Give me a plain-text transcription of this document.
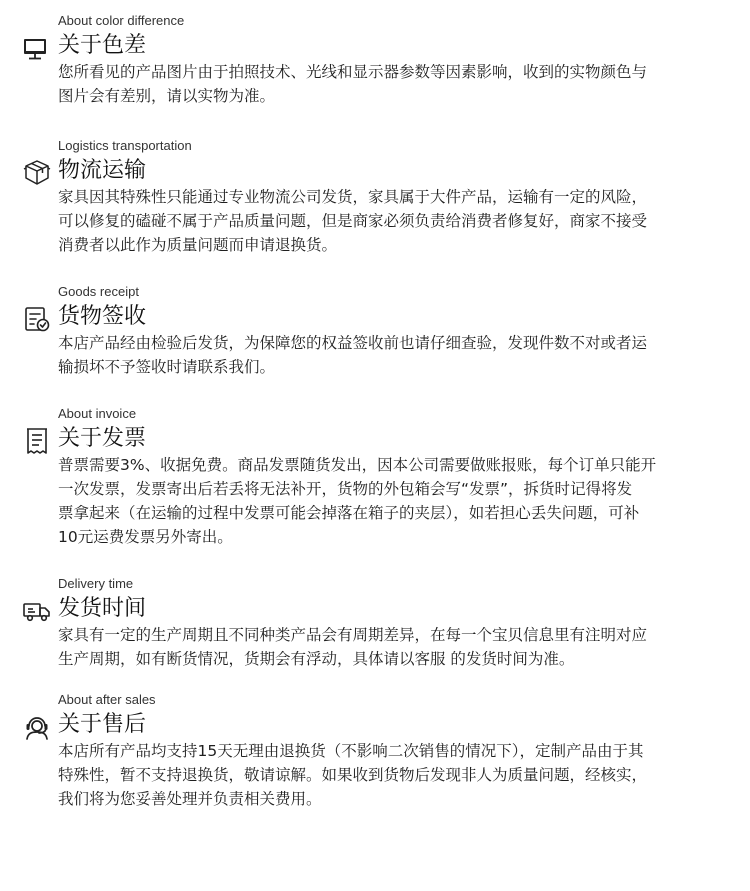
About color difference
关于色差
您所看见的产品图片由于拍照技术、光线和显示器参数等因素影响，收到的实物颜色与
图片会有差别，请以实物为准。
Logistics transportation
物流运输
家具因其特殊性只能通过专业物流公司发货，家具属于大件产品，运输有一定的风险，
可以修复的磕碰不属于产品质量问题，但是商家必须负责给消费者修复好，商家不接受
消费者以此作为质量问题而申请退换货。
Goods receipt
货物签收
本店产品经由检验后发货，为保障您的权益签收前也请仔细查验，发现件数不对或者运
输损坏不予签收时请联系我们。
About invoice
关于发票
普票需要3%、收据免费。商品发票随货发出，因本公司需要做账报账，每个订单只能开
一次发票，发票寄出后若丢将无法补开，货物的外包箱会写“发票”，拆货时记得将发
票拿起来（在运输的过程中发票可能会掉落在箱子的夹层），如若担心丢失问题，可补
10元运费发票另外寄出。
Delivery time
发货时间
家具有一定的生产周期且不同种类产品会有周期差异，在每一个宝贝信息里有注明对应
生产周期，如有断货情况，货期会有浮动，具体请以客服 的发货时间为准。
About after sales
关于售后
本店所有产品均支持15天无理由退换货（不影响二次销售的情况下），定制产品由于其
特殊性，暂不支持退换货，敬请谅解。如果收到货物后发现非人为质量问题，经核实，
我们将为您妥善处理并负责相关费用。
